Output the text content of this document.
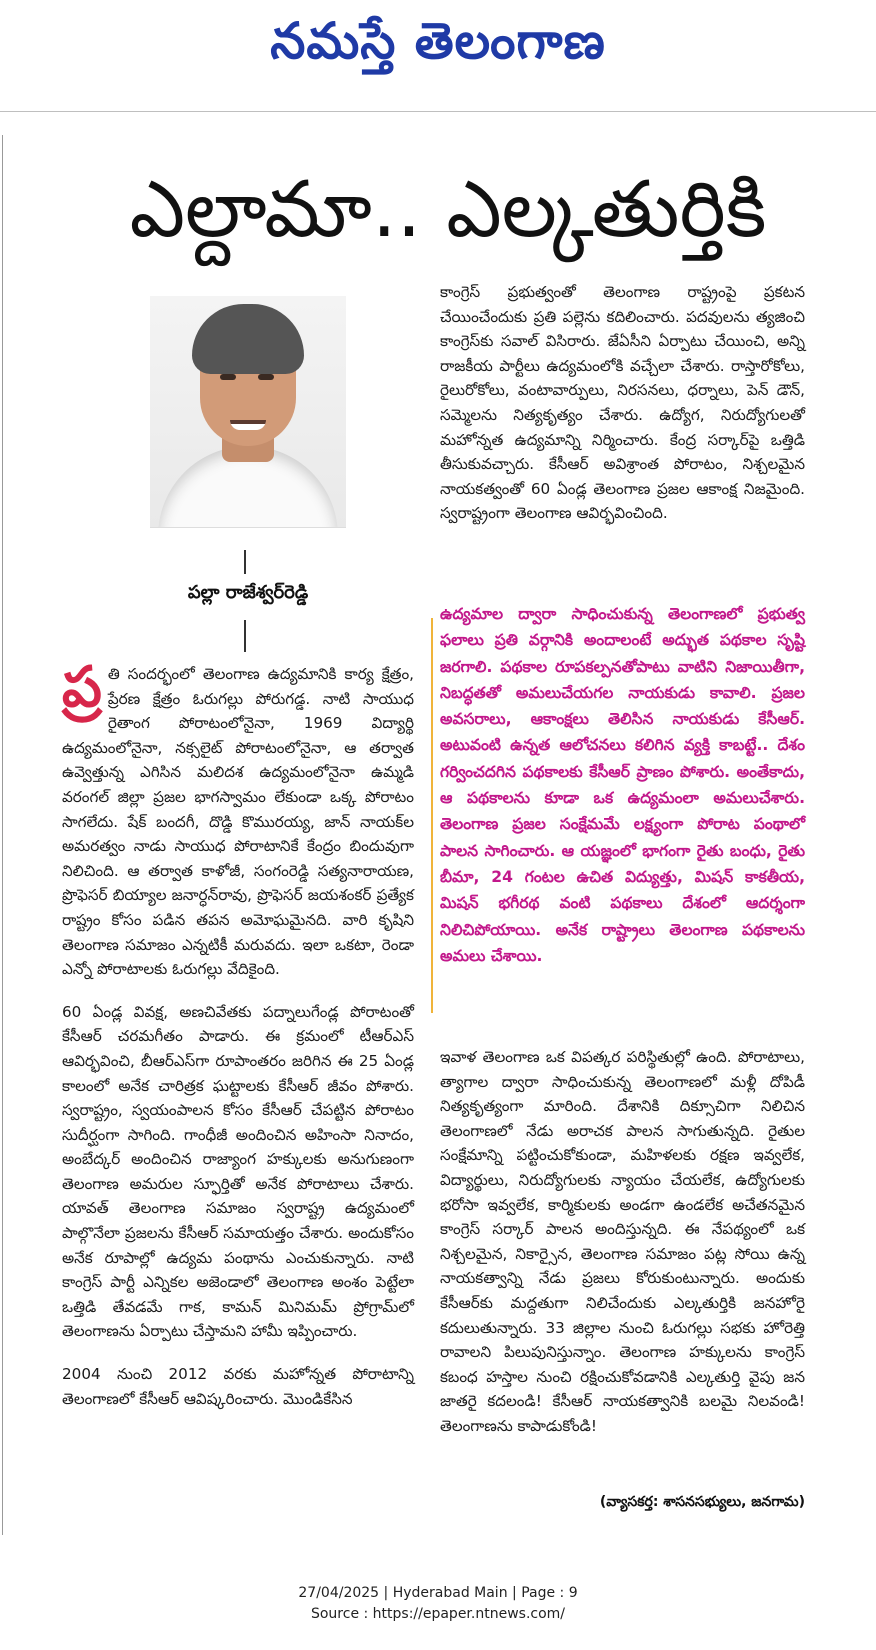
నమస్తే తెలంగాణ
ఎల్దామా.. ఎల్కతుర్తికి
పల్లా రాజేశ్వర్‌రెడ్డి

ప్ర తి సందర్భంలో తెలంగాణ ఉద్యమానికి కార్య క్షేత్రం, ప్రేరణ క్షేత్రం ఓరుగల్లు పోరుగడ్డ. నాటి సాయుధ రైతాంగ పోరాటంలోనైనా, 1969 విద్యార్థి ఉద్యమంలోనైనా, నక్సలైట్‌ పోరాటంలోనైనా, ఆ తర్వాత ఉవ్వెత్తున్న ఎగిసిన మలిదశ ఉద్యమంలోనైనా ఉమ్మడి వరంగల్‌ జిల్లా ప్రజల భాగస్వామం లేకుండా ఒక్క పోరాటం సాగలేదు. షేక్‌ బందగీ, దొడ్డి కొమురయ్య, జాన్‌ నాయక్‌ల అమరత్వం నాడు సాయుధ పోరాటానికే కేంద్రం బిందువుగా నిలిచింది. ఆ తర్వాత కాళోజీ, సంగంరెడ్డి సత్యనారాయణ, ప్రొఫెసర్‌ బియ్యాల జనార్ధన్‌రావు, ప్రొఫెసర్‌ జయశంకర్‌ ప్రత్యేక రాష్ట్రం కోసం పడిన తపన అమోఘమైనది. వారి కృషిని తెలంగాణ సమాజం ఎన్నటికీ మరువదు. ఇలా ఒకటా, రెండా ఎన్నో పోరాటాలకు ఓరుగల్లు వేదికైంది.

60 ఏండ్ల వివక్ష, అణచివేతకు పద్నాలుగేండ్ల పోరాటంతో కేసీఆర్‌ చరమగీతం పాడారు. ఈ క్రమంలో టీఆర్‌ఎస్‌ ఆవిర్భవించి, బీఆర్‌ఎస్‌గా రూపాంతరం జరిగిన ఈ 25 ఏండ్ల కాలంలో అనేక చారిత్రక ఘట్టాలకు కేసీఆర్‌ జీవం పోశారు. స్వరాష్ట్రం, స్వయంపాలన కోసం కేసీఆర్‌ చేపట్టిన పోరాటం సుదీర్ఘంగా సాగింది. గాంధీజీ అందించిన అహింసా నినాదం, అంబేద్కర్‌ అందించిన రాజ్యాంగ హక్కులకు అనుగుణంగా తెలంగాణ అమరుల స్ఫూర్తితో అనేక పోరాటాలు చేశారు. యావత్‌ తెలంగాణ సమాజం స్వరాష్ట్ర ఉద్యమంలో పాల్గొనేలా ప్రజలను కేసీఆర్‌ సమాయత్తం చేశారు. అందుకోసం అనేక రూపాల్లో ఉద్యమ పంథాను ఎంచుకున్నారు. నాటి కాంగ్రెస్‌ పార్టీ ఎన్నికల అజెండాలో తెలంగాణ అంశం పెట్టేలా ఒత్తిడి తేవడమే గాక, కామన్‌ మినిమమ్‌ ప్రోగ్రామ్‌లో తెలంగాణను ఏర్పాటు చేస్తామని హామీ ఇప్పించారు.

2004 నుంచి 2012 వరకు మహోన్నత పోరాటాన్ని తెలంగాణలో కేసీఆర్‌ ఆవిష్కరించారు. మొండికేసిన

కాంగ్రెస్‌ ప్రభుత్వంతో తెలంగాణ రాష్ట్రంపై ప్రకటన చేయించేందుకు ప్రతి పల్లెను కదిలించారు. పదవులను త్యజించి కాంగ్రెస్‌కు సవాల్‌ విసిరారు. జేఏసీని ఏర్పాటు చేయించి, అన్ని రాజకీయ పార్టీలు ఉద్యమంలోకి వచ్చేలా చేశారు. రాస్తారోకోలు, రైలురోకోలు, వంటావార్పులు, నిరసనలు, ధర్నాలు, పెన్‌ డౌన్‌, సమ్మెలను నిత్యకృత్యం చేశారు. ఉద్యోగ, నిరుద్యోగులతో మహోన్నత ఉద్యమాన్ని నిర్మించారు. కేంద్ర సర్కార్‌పై ఒత్తిడి తీసుకువచ్చారు. కేసీఆర్‌ అవిశ్రాంత పోరాటం, నిశ్చలమైన నాయకత్వంతో 60 ఏండ్ల తెలంగాణ ప్రజల ఆకాంక్ష నిజమైంది. స్వరాష్ట్రంగా తెలంగాణ ఆవిర్భవించింది.

ఉద్యమాల ద్వారా సాధించుకున్న తెలంగాణలో ప్రభుత్వ ఫలాలు ప్రతి వర్గానికి అందాలంటే అద్భుత పథకాల సృష్టి జరగాలి. పథకాల రూపకల్పనతోపాటు వాటిని నిజాయితీగా, నిబద్ధతతో అమలుచేయగల నాయకుడు కావాలి. ప్రజల అవసరాలు, ఆకాంక్షలు తెలిసిన నాయకుడు కేసీఆర్‌. అటువంటి ఉన్నత ఆలోచనలు కలిగిన వ్యక్తి కాబట్టే.. దేశం గర్వించదగిన పథకాలకు కేసీఆర్‌ ప్రాణం పోశారు. అంతేకాదు, ఆ పథకాలను కూడా ఒక ఉద్యమంలా అమలుచేశారు. తెలంగాణ ప్రజల సంక్షేమమే లక్ష్యంగా పోరాట పంథాలో పాలన సాగించారు. ఆ యజ్ఞంలో భాగంగా రైతు బంధు, రైతు బీమా, 24 గంటల ఉచిత విద్యుత్తు, మిషన్‌ కాకతీయ, మిషన్‌ భగీరథ వంటి పథకాలు దేశంలో ఆదర్శంగా నిలిచిపోయాయి. అనేక రాష్ట్రాలు తెలంగాణ పథకాలను అమలు చేశాయి.

ఇవాళ తెలంగాణ ఒక విపత్కర పరిస్థితుల్లో ఉంది. పోరాటాలు, త్యాగాల ద్వారా సాధించుకున్న తెలంగాణలో మళ్లీ దోపిడీ నిత్యకృత్యంగా మారింది. దేశానికి దిక్సూచిగా నిలిచిన తెలంగాణలో నేడు అరాచక పాలన సాగుతున్నది. రైతుల సంక్షేమాన్ని పట్టించుకోకుండా, మహిళలకు రక్షణ ఇవ్వలేక, విద్యార్థులు, నిరుద్యోగులకు న్యాయం చేయలేక, ఉద్యోగులకు భరోసా ఇవ్వలేక, కార్మికులకు అండగా ఉండలేక అచేతనమైన కాంగ్రెస్‌ సర్కార్‌ పాలన అందిస్తున్నది. ఈ నేపథ్యంలో ఒక నిశ్చలమైన, నికార్సైన, తెలంగాణ సమాజం పట్ల సోయి ఉన్న నాయకత్వాన్ని నేడు ప్రజలు కోరుకుంటున్నారు. అందుకు కేసీఆర్‌కు మద్దతుగా నిలిచేందుకు ఎల్కతుర్తికి జనహోరై కదులుతున్నారు. 33 జిల్లాల నుంచి ఓరుగల్లు సభకు హోరెత్తి రావాలని పిలుపునిస్తున్నాం. తెలంగాణ హక్కులను కాంగ్రెస్‌ కబంధ హస్తాల నుంచి రక్షించుకోవడానికి ఎల్కతుర్తి వైపు జన జాతరై కదలండి! కేసీఆర్‌ నాయకత్వానికి బలమై నిలవండి! తెలంగాణను కాపాడుకోండి!

(వ్యాసకర్త: శాసనసభ్యులు, జనగామ)
27/04/2025 | Hyderabad Main | Page : 9
Source : https://epaper.ntnews.com/
